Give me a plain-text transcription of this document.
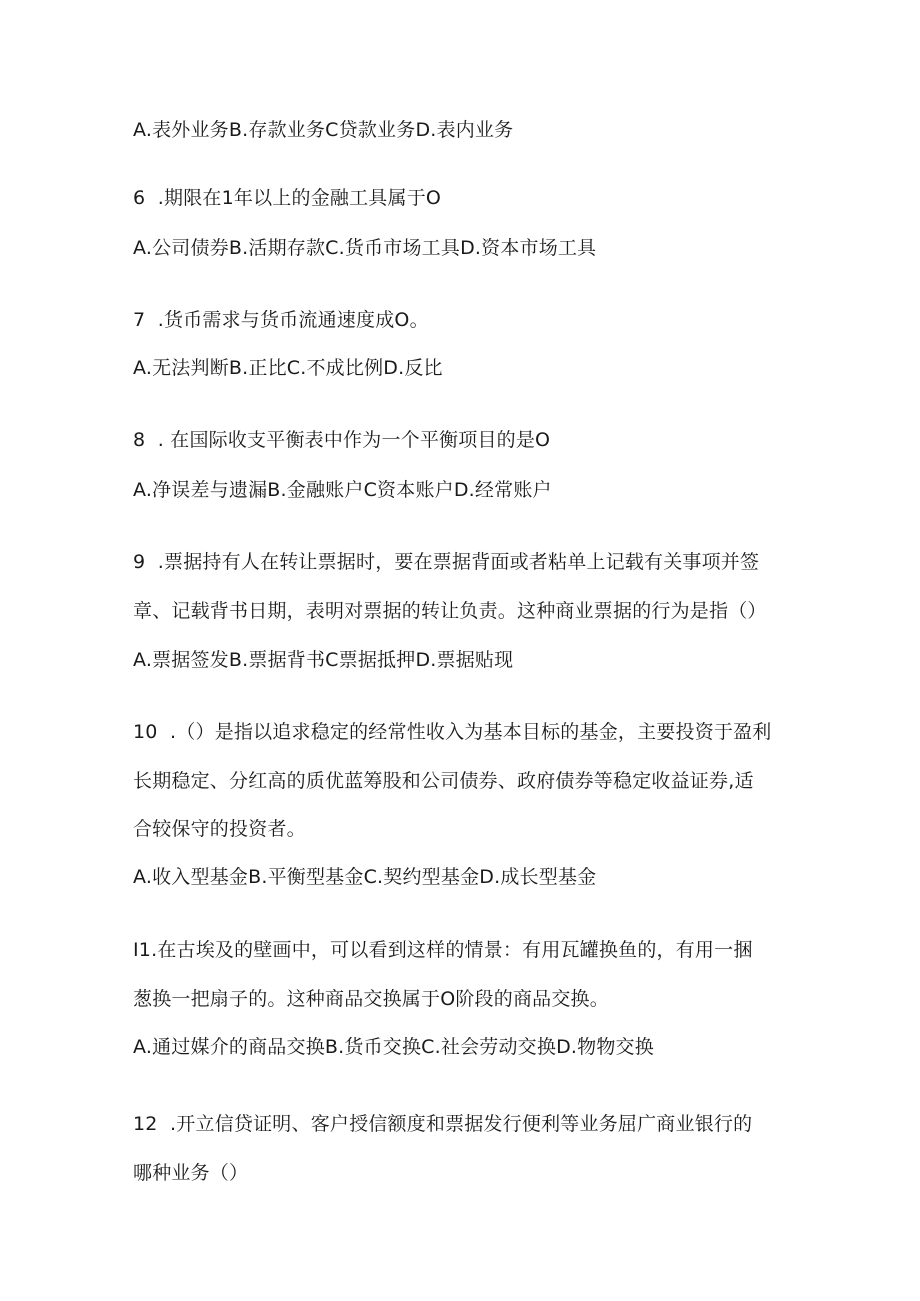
A.表外业务B.存款业务C贷款业务D.表内业务
6  .期限在1年以上的金融工具属于O
A.公司债券B.活期存款C.货币市场工具D.资本市场工具
7  .货币需求与货币流通速度成O。
A.无法判断B.正比C.不成比例D.反比
8  . 在国际收支平衡表中作为一个平衡项目的是O
A.净误差与遗漏B.金融账户C资本账户D.经常账户
9  .票据持有人在转让票据时，要在票据背面或者粘单上记载有关事项并签
章、记载背书日期，表明对票据的转让负责。这种商业票据的行为是指（）
A.票据签发B.票据背书C票据抵押D.票据贴现
10  .（）是指以追求稳定的经常性收入为基本目标的基金，主要投资于盈利
长期稳定、分红高的质优蓝筹股和公司债券、政府债券等稳定收益证券,适
合较保守的投资者。
A.收入型基金B.平衡型基金C.契约型基金D.成长型基金
I1.在古埃及的壁画中，可以看到这样的情景：有用瓦罐换鱼的，有用一捆
葱换一把扇子的。这种商品交换属于O阶段的商品交换。
A.通过媒介的商品交换B.货币交换C.社会劳动交换D.物物交换
12  .开立信贷证明、客户授信额度和票据发行便利等业务屈广商业银行的
哪种业务（）
